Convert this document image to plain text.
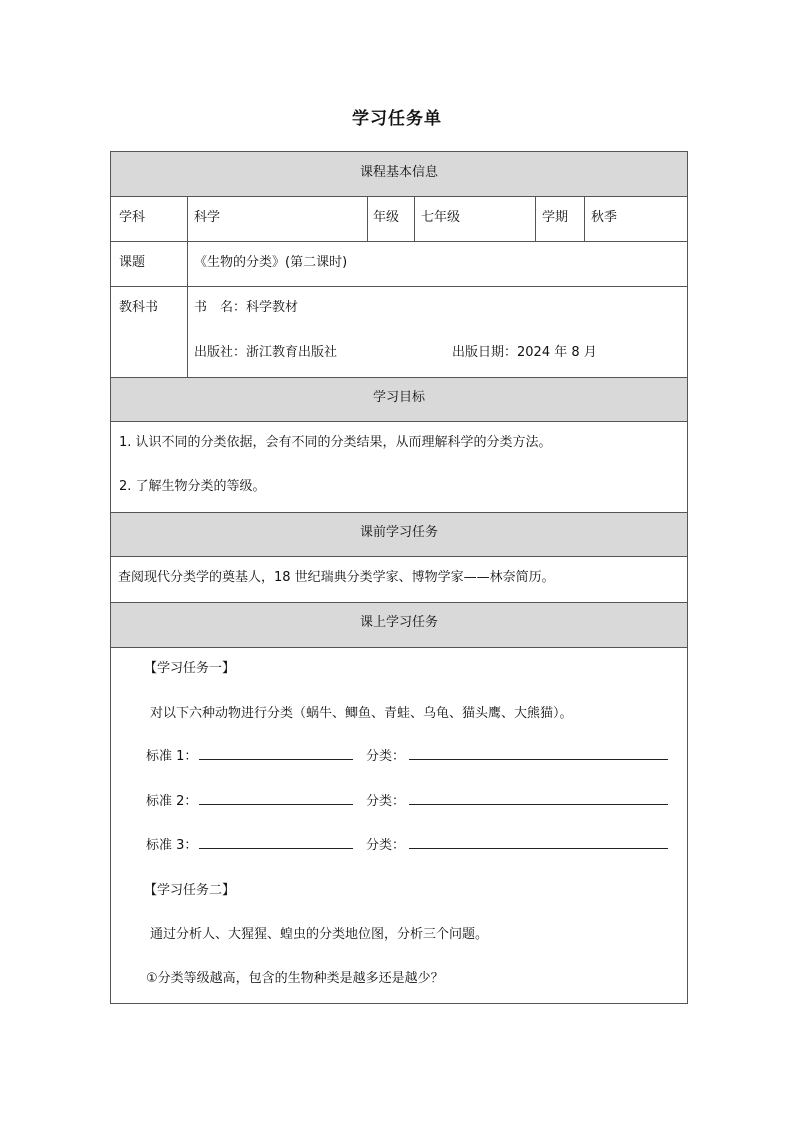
学习任务单
课程基本信息
学习目标
课前学习任务
课上学习任务
学科	科学	年级 七年级	学期 秋季
课题	《生物的分类》(第二课时)
教科书	书　名：科学教材
出版社：浙江教育出版社	出版日期：2024 年 8 月
1. 认识不同的分类依据，会有不同的分类结果，从而理解科学的分类方法。
2. 了解生物分类的等级。
查阅现代分类学的奠基人，18 世纪瑞典分类学家、博物学家——林奈简历。
【学习任务一】
对以下六种动物进行分类（蜗牛、鲫鱼、青蛙、乌龟、猫头鹰、大熊猫）。
标准 1：	分类：
标准 2：	分类：
标准 3：	分类：
【学习任务二】
通过分析人、大猩猩、蝗虫的分类地位图，分析三个问题。
①分类等级越高，包含的生物种类是越多还是越少？
